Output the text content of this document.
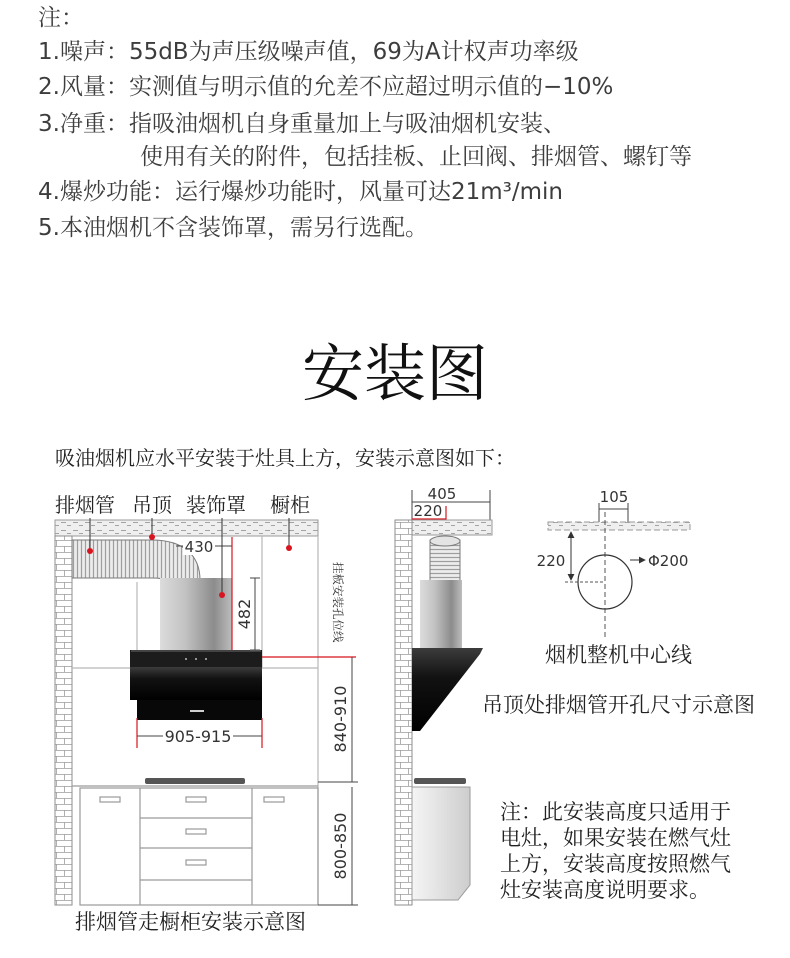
430
482	挂板安装孔位线
905-915	840-910
800-850
405
220
105
220	Φ200
注：
1.噪声：55dB为声压级噪声值，69为A计权声功率级
2.风量：实测值与明示值的允差不应超过明示值的−10%
3.净重：指吸油烟机自身重量加上与吸油烟机安装、
使用有关的附件，包括挂板、止回阀、排烟管、螺钉等
4.爆炒功能：运行爆炒功能时，风量可达21m³/min
5.本油烟机不含装饰罩，需另行选配。
安装图
吸油烟机应水平安装于灶具上方，安装示意图如下：
排烟管 吊顶 装饰罩 橱柜
排烟管走橱柜安装示意图
烟机整机中心线
吊顶处排烟管开孔尺寸示意图
注：此安装高度只适用于
电灶，如果安装在燃气灶
上方，安装高度按照燃气
灶安装高度说明要求。
